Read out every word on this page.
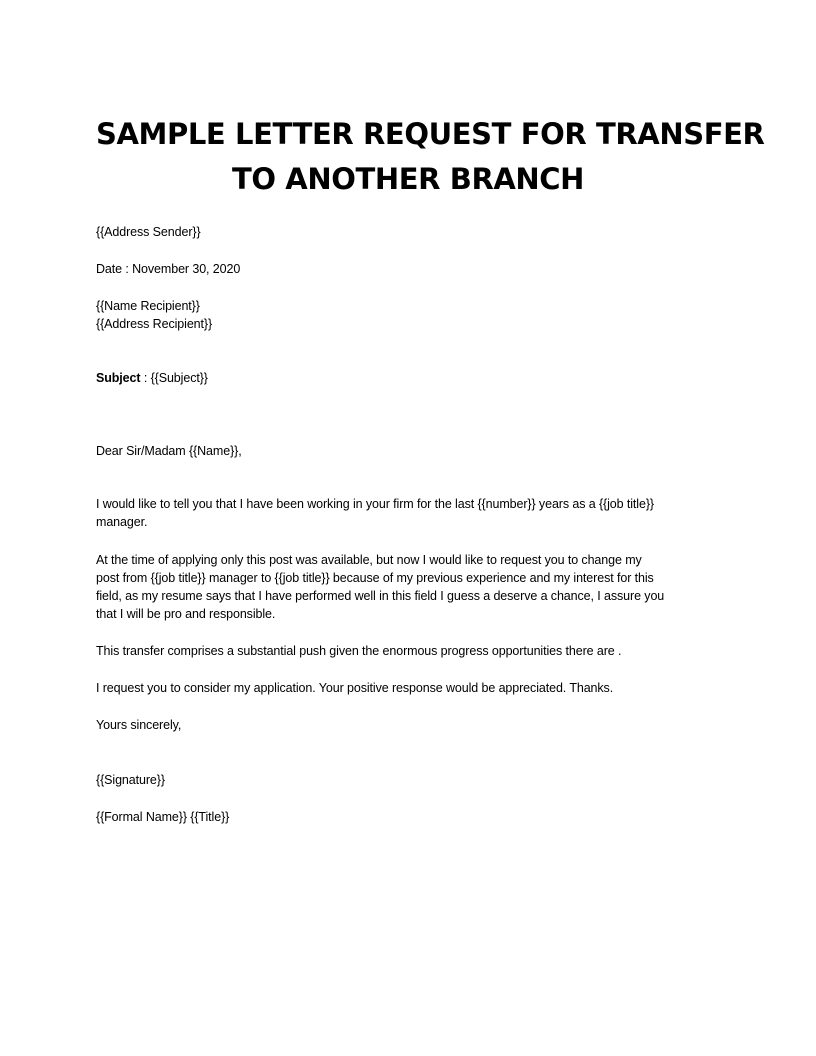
SAMPLE LETTER REQUEST FOR TRANSFER
TO ANOTHER BRANCH
{{Address Sender}}
Date : November 30, 2020
{{Name Recipient}}
{{Address Recipient}}
Subject : {{Subject}}
Dear Sir/Madam {{Name}},
I would like to tell you that I have been working in your firm for the last {{number}} years as a {{job title}}
manager.
At the time of applying only this post was available, but now I would like to request you to change my
post from {{job title}} manager to {{job title}} because of my previous experience and my interest for this
field, as my resume says that I have performed well in this field I guess a deserve a chance, I assure you
that I will be pro and responsible.
This transfer comprises a substantial push given the enormous progress opportunities there are .
I request you to consider my application. Your positive response would be appreciated. Thanks.
Yours sincerely,
{{Signature}}
{{Formal Name}} {{Title}}
